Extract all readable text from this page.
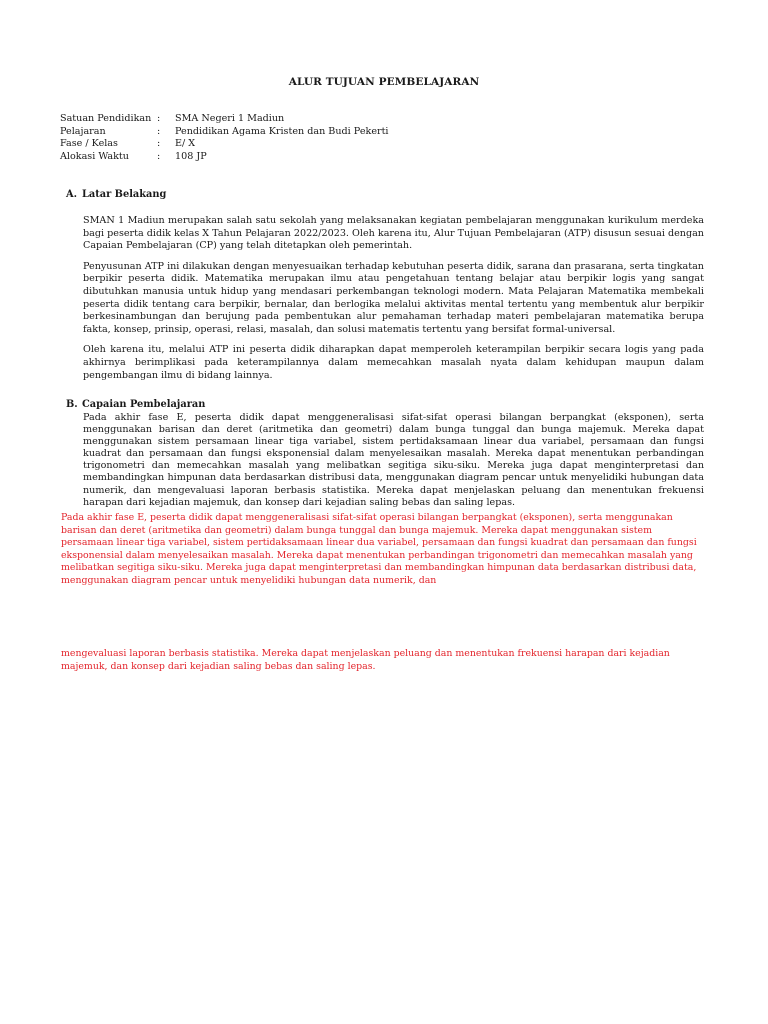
ALUR TUJUAN PEMBELAJARAN
Satuan Pendidikan :	SMA Negeri 1 Madiun
Pelajaran	:	Pendidikan Agama Kristen dan Budi Pekerti
Fase / Kelas	:	E/ X
Alokasi Waktu	:	108 JP
A. Latar Belakang

SMAN 1 Madiun merupakan salah satu sekolah yang melaksanakan kegiatan pembelajaran menggunakan kurikulum merdeka bagi peserta didik kelas X Tahun Pelajaran 2022/2023. Oleh karena itu, Alur Tujuan Pembelajaran (ATP) disusun sesuai dengan Capaian Pembelajaran (CP) yang telah ditetapkan oleh pemerintah.

Penyusunan ATP ini dilakukan dengan menyesuaikan terhadap kebutuhan peserta didik, sarana dan prasarana, serta tingkatan berpikir peserta didik. Matematika merupakan ilmu atau pengetahuan tentang belajar atau berpikir logis yang sangat dibutuhkan manusia untuk hidup yang mendasari perkembangan teknologi modern. Mata Pelajaran Matematika membekali peserta didik tentang cara berpikir, bernalar, dan berlogika melalui aktivitas mental tertentu yang membentuk alur berpikir berkesinambungan dan berujung pada pembentukan alur pemahaman terhadap materi pembelajaran matematika berupa fakta, konsep, prinsip, operasi, relasi, masalah, dan solusi matematis tertentu yang bersifat formal-universal.

Oleh karena itu, melalui ATP ini peserta didik diharapkan dapat memperoleh keterampilan berpikir secara logis yang pada akhirnya berimplikasi pada keterampilannya dalam memecahkan masalah nyata dalam kehidupan maupun dalam pengembangan ilmu di bidang lainnya.

B. Capaian Pembelajaran
Pada akhir fase E, peserta didik dapat menggeneralisasi sifat-sifat operasi bilangan berpangkat (eksponen), serta menggunakan barisan dan deret (aritmetika dan geometri) dalam bunga tunggal dan bunga majemuk. Mereka dapat menggunakan sistem persamaan linear tiga variabel, sistem pertidaksamaan linear dua variabel, persamaan dan fungsi kuadrat dan persamaan dan fungsi eksponensial dalam menyelesaikan masalah. Mereka dapat menentukan perbandingan trigonometri dan memecahkan masalah yang melibatkan segitiga siku-siku. Mereka juga dapat menginterpretasi dan membandingkan himpunan data berdasarkan distribusi data, menggunakan diagram pencar untuk menyelidiki hubungan data numerik, dan mengevaluasi laporan berbasis statistika. Mereka dapat menjelaskan peluang dan menentukan frekuensi harapan dari kejadian majemuk, dan konsep dari kejadian saling bebas dan saling lepas.
Pada akhir fase E, peserta didik dapat menggeneralisasi sifat-sifat operasi bilangan berpangkat (eksponen), serta menggunakan barisan dan deret (aritmetika dan geometri) dalam bunga tunggal dan bunga majemuk. Mereka dapat menggunakan sistem persamaan linear tiga variabel, sistem pertidaksamaan linear dua variabel, persamaan dan fungsi kuadrat dan persamaan dan fungsi eksponensial dalam menyelesaikan masalah. Mereka dapat menentukan perbandingan trigonometri dan memecahkan masalah yang melibatkan segitiga siku-siku. Mereka juga dapat menginterpretasi dan membandingkan himpunan data berdasarkan distribusi data, menggunakan diagram pencar untuk menyelidiki hubungan data numerik, dan
mengevaluasi laporan berbasis statistika. Mereka dapat menjelaskan peluang dan menentukan frekuensi harapan dari kejadian majemuk, dan konsep dari kejadian saling bebas dan saling lepas.
